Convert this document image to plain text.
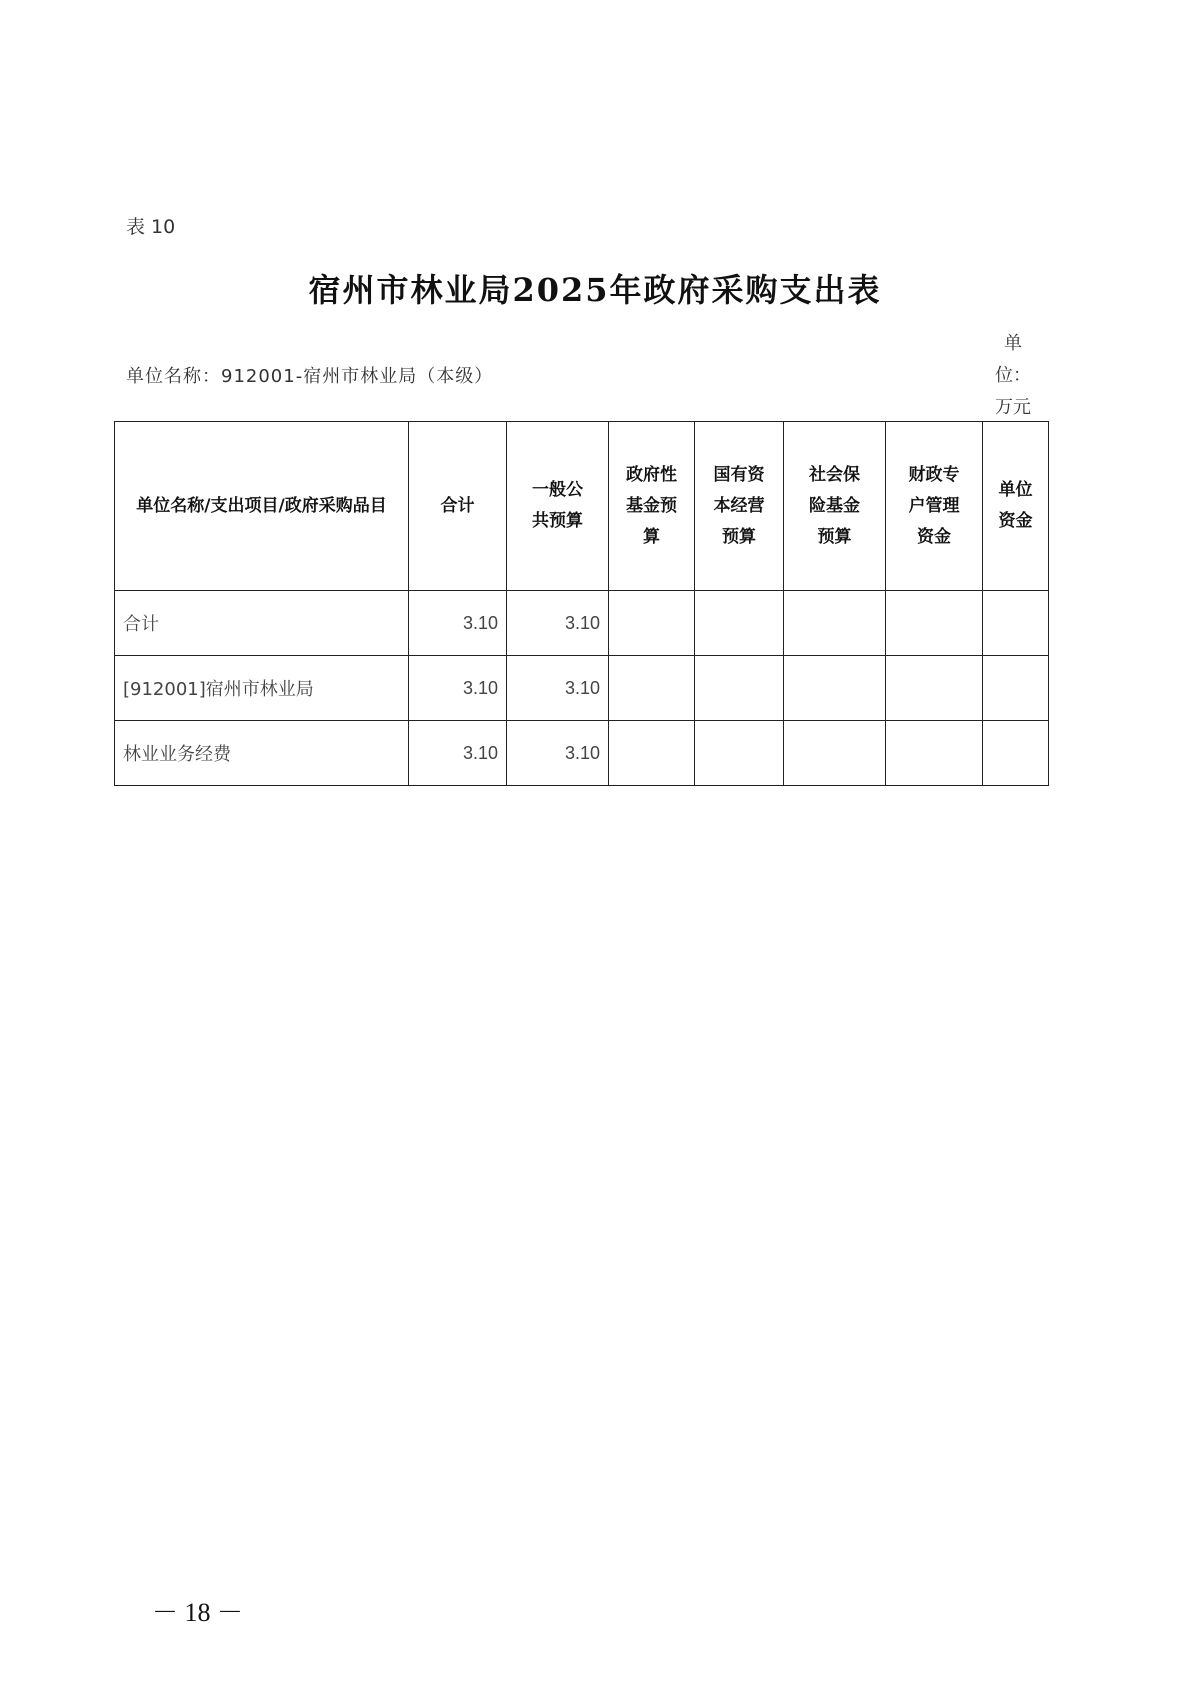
表 10
宿州市林业局2025年政府采购支出表
单位名称：912001-宿州市林业局（本级）
单位：万元
单位名称/支出项目/政府采购品目	合计	一般公共预算	政府性基金预算	国有资本经营预算	社会保险基金预算	财政专户管理资金	单位资金
合计	3.10	3.10					
[912001]宿州市林业局	3.10	3.10					
林业业务经费	3.10	3.10					
－ 18 －
